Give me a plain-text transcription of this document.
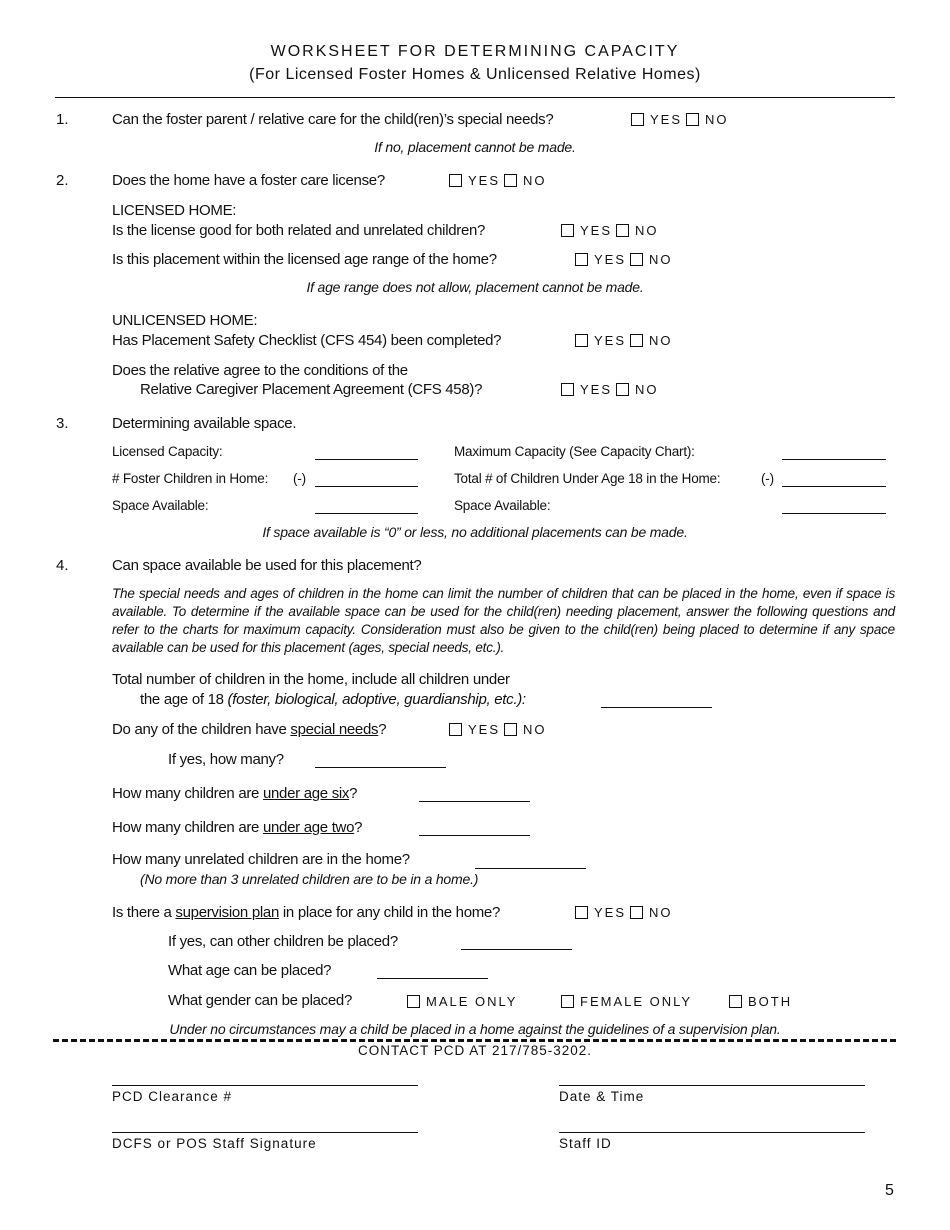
WORKSHEET FOR DETERMINING CAPACITY
(For Licensed Foster Homes & Unlicensed Relative Homes)
1.	Can the foster parent / relative care for the child(ren)’s special needs?	YES NO
If no, placement cannot be made.
2.	Does the home have a foster care license?	YES NO
LICENSED HOME:
Is the license good for both related and unrelated children?	YES NO
Is this placement within the licensed age range of the home?	YES NO
If age range does not allow, placement cannot be made.
UNLICENSED HOME:
Has Placement Safety Checklist (CFS 454) been completed?	YES NO
Does the relative agree to the conditions of the
Relative Caregiver Placement Agreement (CFS 458)?	YES NO
3.	Determining available space.
Licensed Capacity:
# Foster Children in Home: (-)
Space Available:
Maximum Capacity (See Capacity Chart):
Total # of Children Under Age 18 in the Home:	(-)
Space Available:
If space available is “0” or less, no additional placements can be made.
4.	Can space available be used for this placement?
The special needs and ages of children in the home can limit the number of children that can be placed in the home, even if space is available. To determine if the available space can be used for the child(ren) needing placement, answer the following questions and refer to the charts for maximum capacity. Consideration must also be given to the child(ren) being placed to determine if any space available can be used for this placement (ages, special needs, etc.).
Total number of children in the home, include all children under
the age of 18 (foster, biological, adoptive, guardianship, etc.):
Do any of the children have special needs?	YES NO
If yes, how many?
How many children are under age six?
How many children are under age two?
How many unrelated children are in the home?
(No more than 3 unrelated children are to be in a home.)
Is there a supervision plan in place for any child in the home?	YES NO
If yes, can other children be placed?
What age can be placed?
What gender can be placed?	MALE ONLY	FEMALE ONLY	BOTH
Under no circumstances may a child be placed in a home against the guidelines of a supervision plan.
CONTACT PCD AT 217/785-3202.
PCD Clearance #	Date & Time
DCFS or POS Staff Signature	Staff ID
5
